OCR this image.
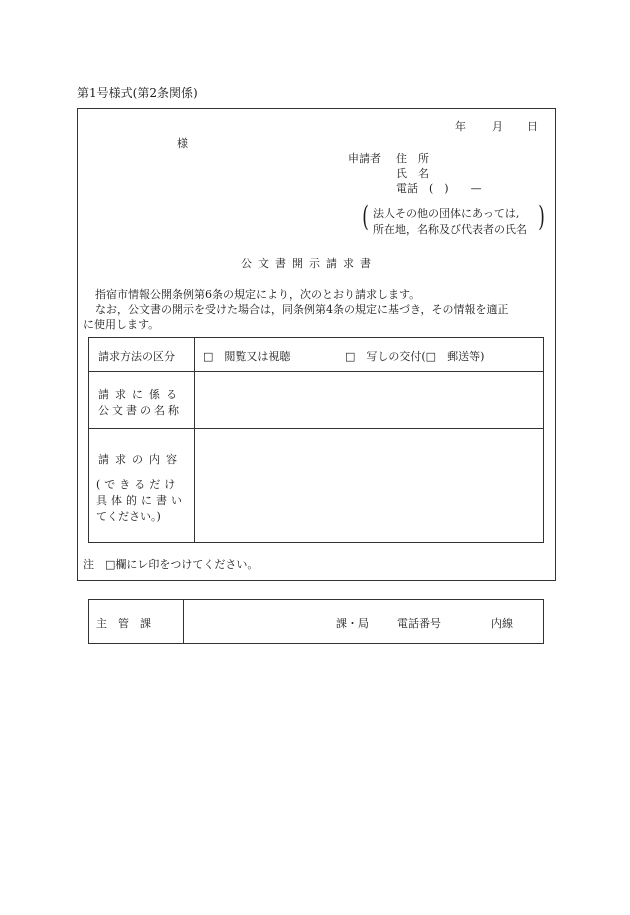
第1号様式(第2条関係)
年 月 日
様
申請者 住　所
氏　名
電話　(　)　　—
( 法人その他の団体にあっては,
所在地，名称及び代表者の氏名 )
公文書開示請求書
指宿市情報公開条例第6条の規定により，次のとおり請求します。
なお，公文書の開示を受けた場合は，同条例第4条の規定に基づき，その情報を適正
に使用します。
請求方法の区分	□　閲覧又は視聴	□　写しの交付(□　郵送等)
請求に係る
公文書の名称
請求の内容
(できるだけ
具体的に書い
てください。)
注　□欄にレ印をつけてください。
主　管　課	課・局	電話番号	内線
